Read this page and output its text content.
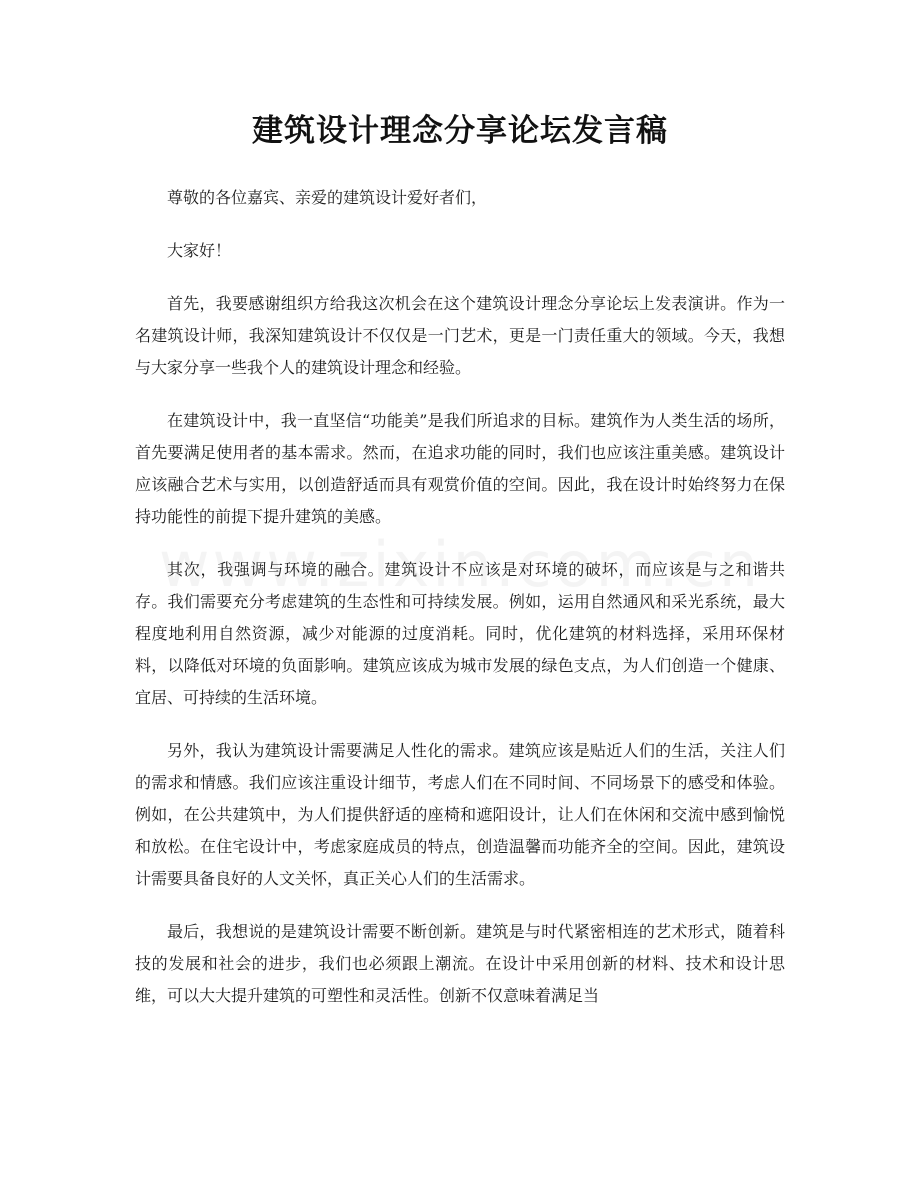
建筑设计理念分享论坛发言稿

尊敬的各位嘉宾、亲爱的建筑设计爱好者们，

大家好！

首先，我要感谢组织方给我这次机会在这个建筑设计理念分享论坛上发表演讲。作为一名建筑设计师，我深知建筑设计不仅仅是一门艺术，更是一门责任重大的领域。今天，我想与大家分享一些我个人的建筑设计理念和经验。

在建筑设计中，我一直坚信“功能美”是我们所追求的目标。建筑作为人类生活的场所，首先要满足使用者的基本需求。然而，在追求功能的同时，我们也应该注重美感。建筑设计应该融合艺术与实用，以创造舒适而具有观赏价值的空间。因此，我在设计时始终努力在保持功能性的前提下提升建筑的美感。

其次，我强调与环境的融合。建筑设计不应该是对环境的破坏，而应该是与之和谐共存。我们需要充分考虑建筑的生态性和可持续发展。例如，运用自然通风和采光系统，最大程度地利用自然资源，减少对能源的过度消耗。同时，优化建筑的材料选择，采用环保材料，以降低对环境的负面影响。建筑应该成为城市发展的绿色支点，为人们创造一个健康、宜居、可持续的生活环境。

另外，我认为建筑设计需要满足人性化的需求。建筑应该是贴近人们的生活，关注人们的需求和情感。我们应该注重设计细节，考虑人们在不同时间、不同场景下的感受和体验。例如，在公共建筑中，为人们提供舒适的座椅和遮阳设计，让人们在休闲和交流中感到愉悦和放松。在住宅设计中，考虑家庭成员的特点，创造温馨而功能齐全的空间。因此，建筑设计需要具备良好的人文关怀，真正关心人们的生活需求。

最后，我想说的是建筑设计需要不断创新。建筑是与时代紧密相连的艺术形式，随着科技的发展和社会的进步，我们也必须跟上潮流。在设计中采用创新的材料、技术和设计思维，可以大大提升建筑的可塑性和灵活性。创新不仅意味着满足当
